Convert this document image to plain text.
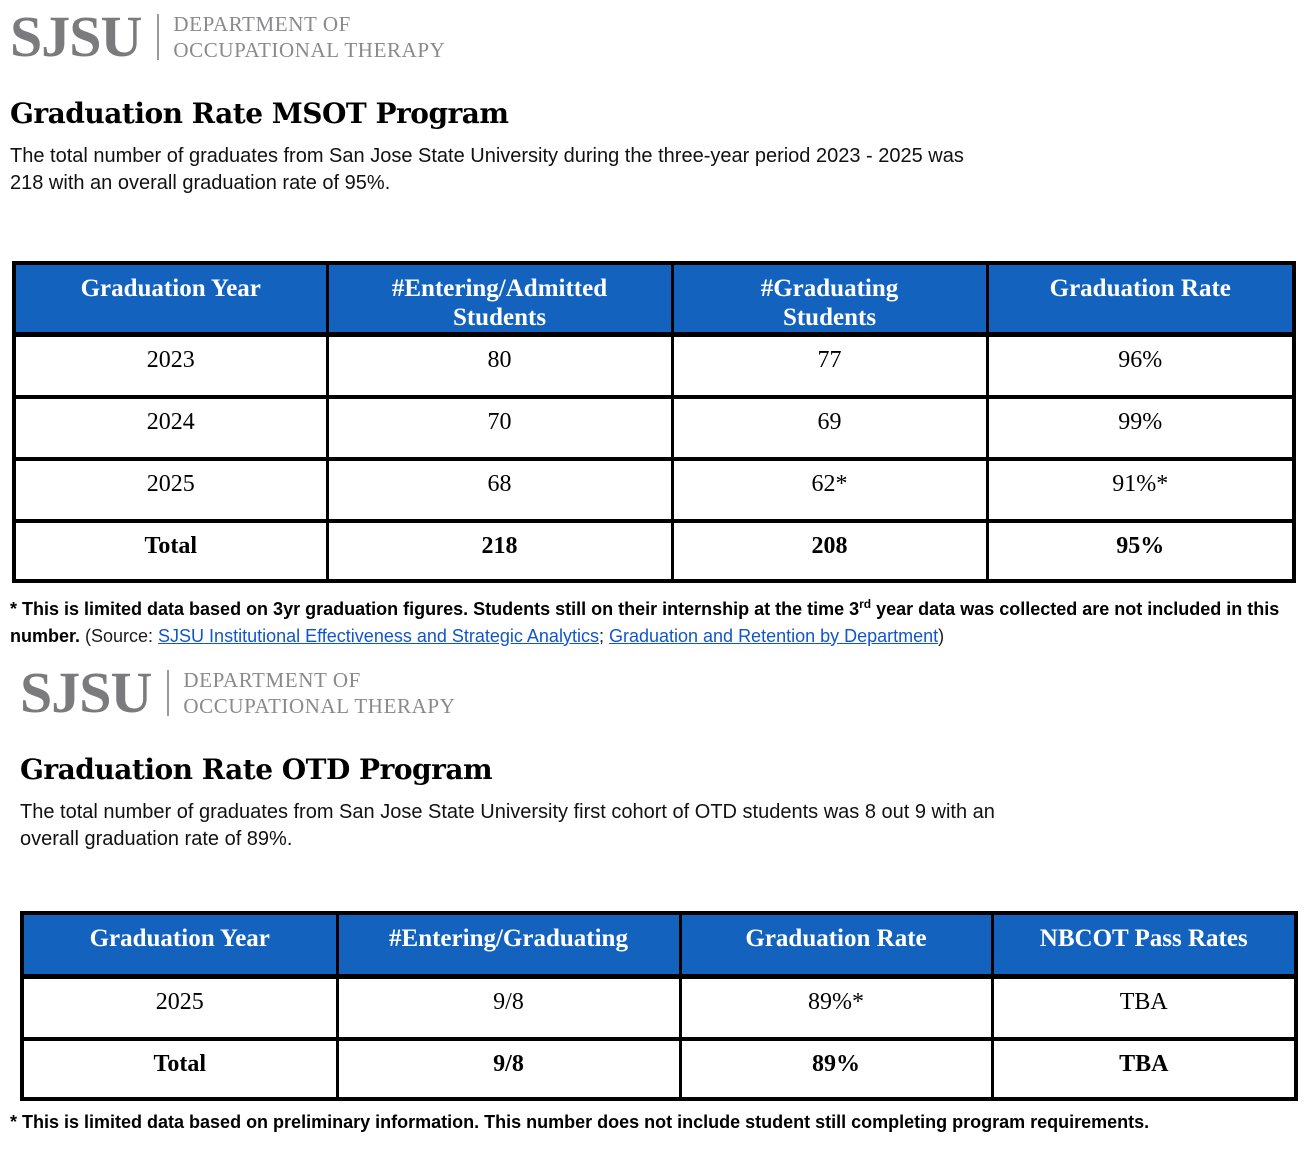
SJSU DEPARTMENT OF
OCCUPATIONAL THERAPY
Graduation Rate MSOT Program

The total number of graduates from San Jose State University during the three-year period 2023 - 2025 was 218 with an overall graduation rate of 95%.

Graduation Year	#Entering/Admitted Students	#Graduating Students	Graduation Rate
2023	80	77	96%
2024	70	69	99%
2025	68	62*	91%*
Total	218	208	95%

* This is limited data based on 3yr graduation figures. Students still on their internship at the time 3rd year data was collected are not included in this number. (Source: SJSU Institutional Effectiveness and Strategic Analytics; Graduation and Retention by Department)

SJSU DEPARTMENT OF
OCCUPATIONAL THERAPY
Graduation Rate OTD Program

The total number of graduates from San Jose State University first cohort of OTD students was 8 out 9 with an overall graduation rate of 89%.

Graduation Year	#Entering/Graduating	Graduation Rate	NBCOT Pass Rates
2025	9/8	89%*	TBA
Total	9/8	89%	TBA

* This is limited data based on preliminary information. This number does not include student still completing program requirements.
